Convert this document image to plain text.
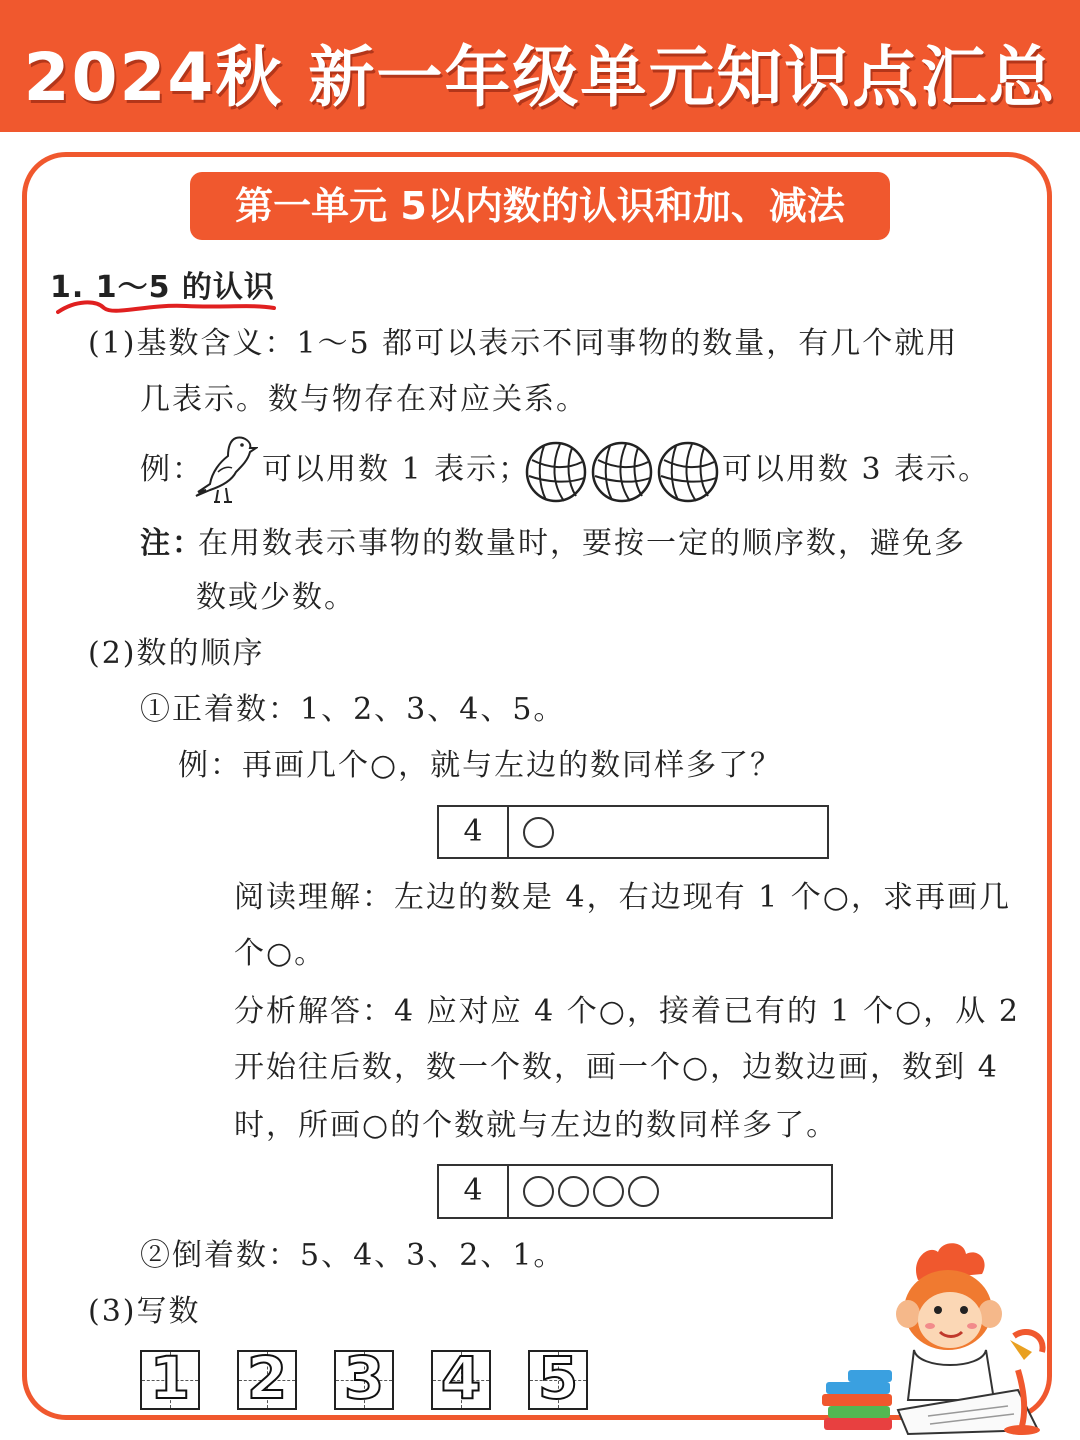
2024秋 新一年级单元知识点汇总
第一单元 5以内数的认识和加、减法
1. 1～5 的认识
(1)基数含义：1～5 都可以表示不同事物的数量，有几个就用
几表示。数与物存在对应关系。
例： 可以用数 1 表示；	可以用数 3 表示。
注：
在用数表示事物的数量时，要按一定的顺序数，避免多
数或少数。
(2)数的顺序
①正着数：1、2、3、4、5。
例：再画几个○，就与左边的数同样多了？
4
阅读理解：左边的数是 4，右边现有 1 个○，求再画几
个○。
分析解答：4 应对应 4 个○，接着已有的 1 个○，从 2
开始往后数，数一个数，画一个○，边数边画，数到 4
时，所画○的个数就与左边的数同样多了。
4
②倒着数：5、4、3、2、1。
(3)写数
1 2 3 4 5
